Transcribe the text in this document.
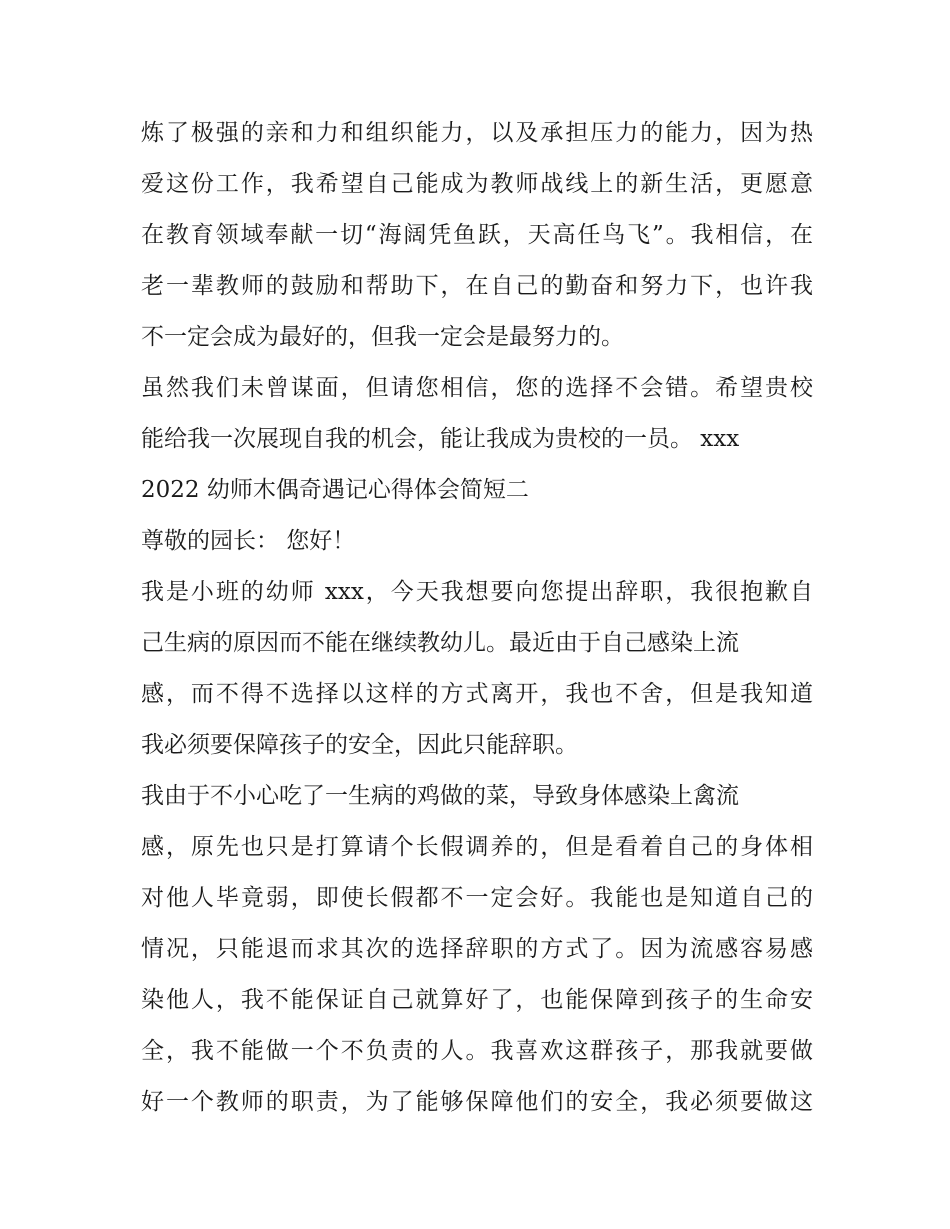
炼了极强的亲和力和组织能力，以及承担压力的能力，因为热
爱这份工作，我希望自己能成为教师战线上的新生活，更愿意
在教育领域奉献一切“海阔凭鱼跃，天高任鸟飞”。我相信，在
老一辈教师的鼓励和帮助下，在自己的勤奋和努力下，也许我
不一定会成为最好的，但我一定会是最努力的。
虽然我们未曾谋面，但请您相信，您的选择不会错。希望贵校
能给我一次展现自我的机会，能让我成为贵校的一员。 xxx
2022 幼师木偶奇遇记心得体会简短二
尊敬的园长： 您好！
我是小班的幼师 xxx，今天我想要向您提出辞职，我很抱歉自
己生病的原因而不能在继续教幼儿。最近由于自己感染上流
感，而不得不选择以这样的方式离开，我也不舍，但是我知道
我必须要保障孩子的安全，因此只能辞职。
我由于不小心吃了一生病的鸡做的菜，导致身体感染上禽流
感，原先也只是打算请个长假调养的，但是看着自己的身体相
对他人毕竟弱，即使长假都不一定会好。我能也是知道自己的
情况，只能退而求其次的选择辞职的方式了。因为流感容易感
染他人，我不能保证自己就算好了，也能保障到孩子的生命安
全，我不能做一个不负责的人。我喜欢这群孩子，那我就要做
好一个教师的职责，为了能够保障他们的安全，我必须要做这
